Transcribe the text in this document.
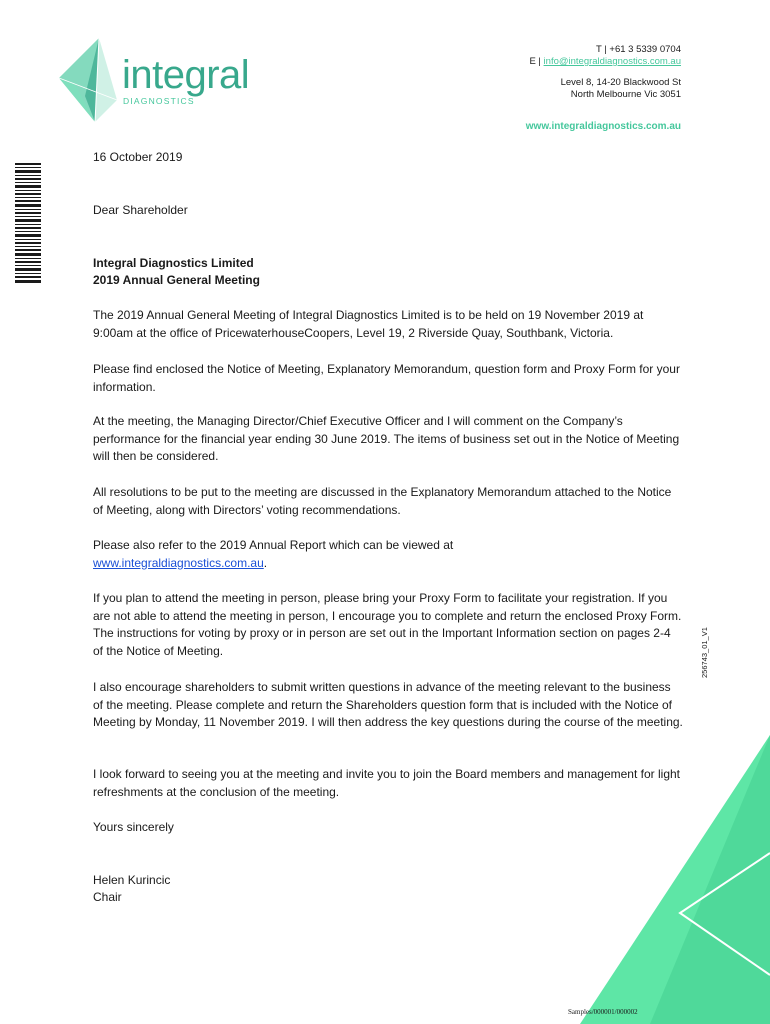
integral
DIAGNOSTICS
T | +61 3 5339 0704
E | info@integraldiagnostics.com.au
Level 8, 14-20 Blackwood St
North Melbourne Vic 3051
www.integraldiagnostics.com.au
16 October 2019
Dear Shareholder
Integral Diagnostics Limited
2019 Annual General Meeting
The 2019 Annual General Meeting of Integral Diagnostics Limited is to be held on 19 November 2019 at 9:00am at the office of PricewaterhouseCoopers, Level 19, 2 Riverside Quay, Southbank, Victoria.
Please find enclosed the Notice of Meeting, Explanatory Memorandum, question form and Proxy Form for your information.
At the meeting, the Managing Director/Chief Executive Officer and I will comment on the Company’s performance for the financial year ending 30 June 2019. The items of business set out in the Notice of Meeting will then be considered.
All resolutions to be put to the meeting are discussed in the Explanatory Memorandum attached to the Notice of Meeting, along with Directors’ voting recommendations.
Please also refer to the 2019 Annual Report which can be viewed at
www.integraldiagnostics.com.au.
If you plan to attend the meeting in person, please bring your Proxy Form to facilitate your registration. If you are not able to attend the meeting in person, I encourage you to complete and return the enclosed Proxy Form. The instructions for voting by proxy or in person are set out in the Important Information section on pages 2-4 of the Notice of Meeting.
I also encourage shareholders to submit written questions in advance of the meeting relevant to the business of the meeting. Please complete and return the Shareholders question form that is included with the Notice of Meeting by Monday, 11 November 2019. I will then address the key questions during the course of the meeting.
I look forward to seeing you at the meeting and invite you to join the Board members and management for light refreshments at the conclusion of the meeting.
Yours sincerely
Helen Kurincic
Chair
256743_01_V1
Samples/000001/000002
